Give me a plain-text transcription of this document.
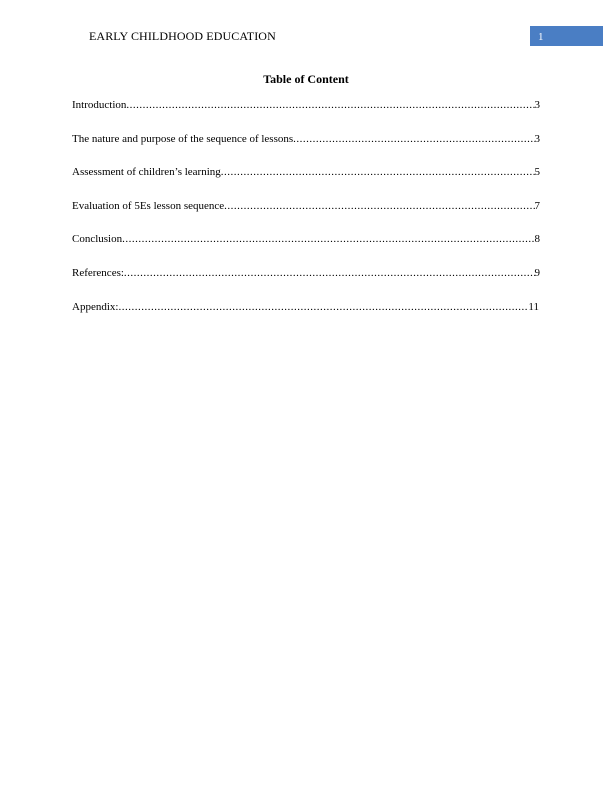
EARLY CHILDHOOD EDUCATION	1
Table of Content
Introduction .....	3
The nature and purpose of the sequence of lessons .....	3
Assessment of children’s learning .....	5
Evaluation of 5Es lesson sequence .....	7
Conclusion .....	8
References: .....	9
Appendix: .....	11
